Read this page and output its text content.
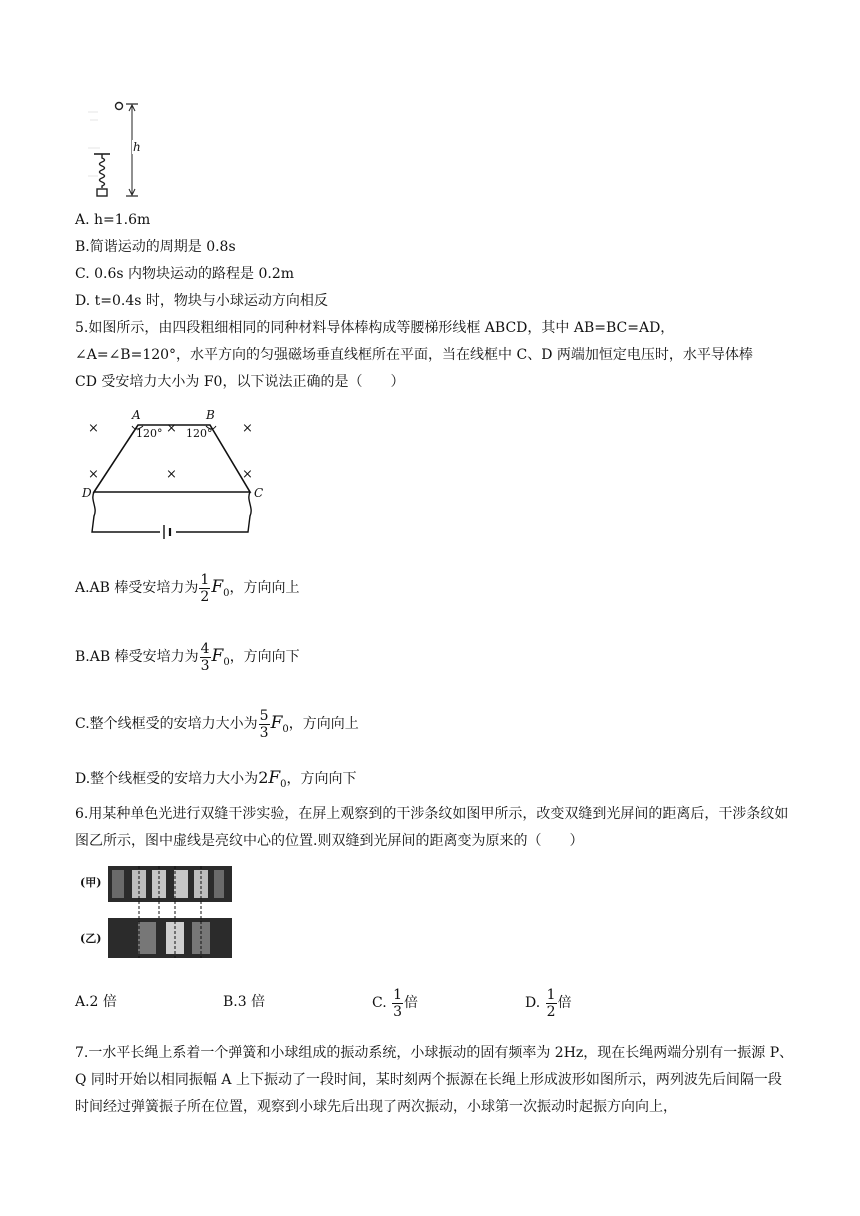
h
A. h=1.6m
B.简谐运动的周期是 0.8s
C. 0.6s 内物块运动的路程是 0.2m
D. t=0.4s 时，物块与小球运动方向相反
5.如图所示，由四段粗细相同的同种材料导体棒构成等腰梯形线框 ABCD，其中 AB=BC=AD，
∠A=∠B=120°，水平方向的匀强磁场垂直线框所在平面，当在线框中 C、D 两端加恒定电压时，水平导体棒
CD 受安培力大小为 F0，以下说法正确的是（　　）
A	B
D	C
120° 120°
×	×	×
×	×	×
A.AB 棒受安培力为 $\frac{1}{2} F_0$，方向向上
B.AB 棒受安培力为 $\frac{4}{3} F_0$，方向向下
C.整个线框受的安培力大小为 $\frac{5}{3} F_0$，方向向上
D.整个线框受的安培力大小为$2F_0$，方向向下
6.用某种单色光进行双缝干涉实验，在屏上观察到的干涉条纹如图甲所示，改变双缝到光屏间的距离后，干涉条纹如图乙所示，图中虚线是亮纹中心的位置.则双缝到光屏间的距离变为原来的（　　）
(甲)
(乙)
A.2 倍	B.3 倍	C. $\frac{1}{3}$ 倍	D. $\frac{1}{2}$ 倍
7.一水平长绳上系着一个弹簧和小球组成的振动系统，小球振动的固有频率为 2Hz，现在长绳两端分别有一振源 P、Q 同时开始以相同振幅 A 上下振动了一段时间，某时刻两个振源在长绳上形成波形如图所示，两列波先后间隔一段时间经过弹簧振子所在位置，观察到小球先后出现了两次振动，小球第一次振动时起振方向向上，
